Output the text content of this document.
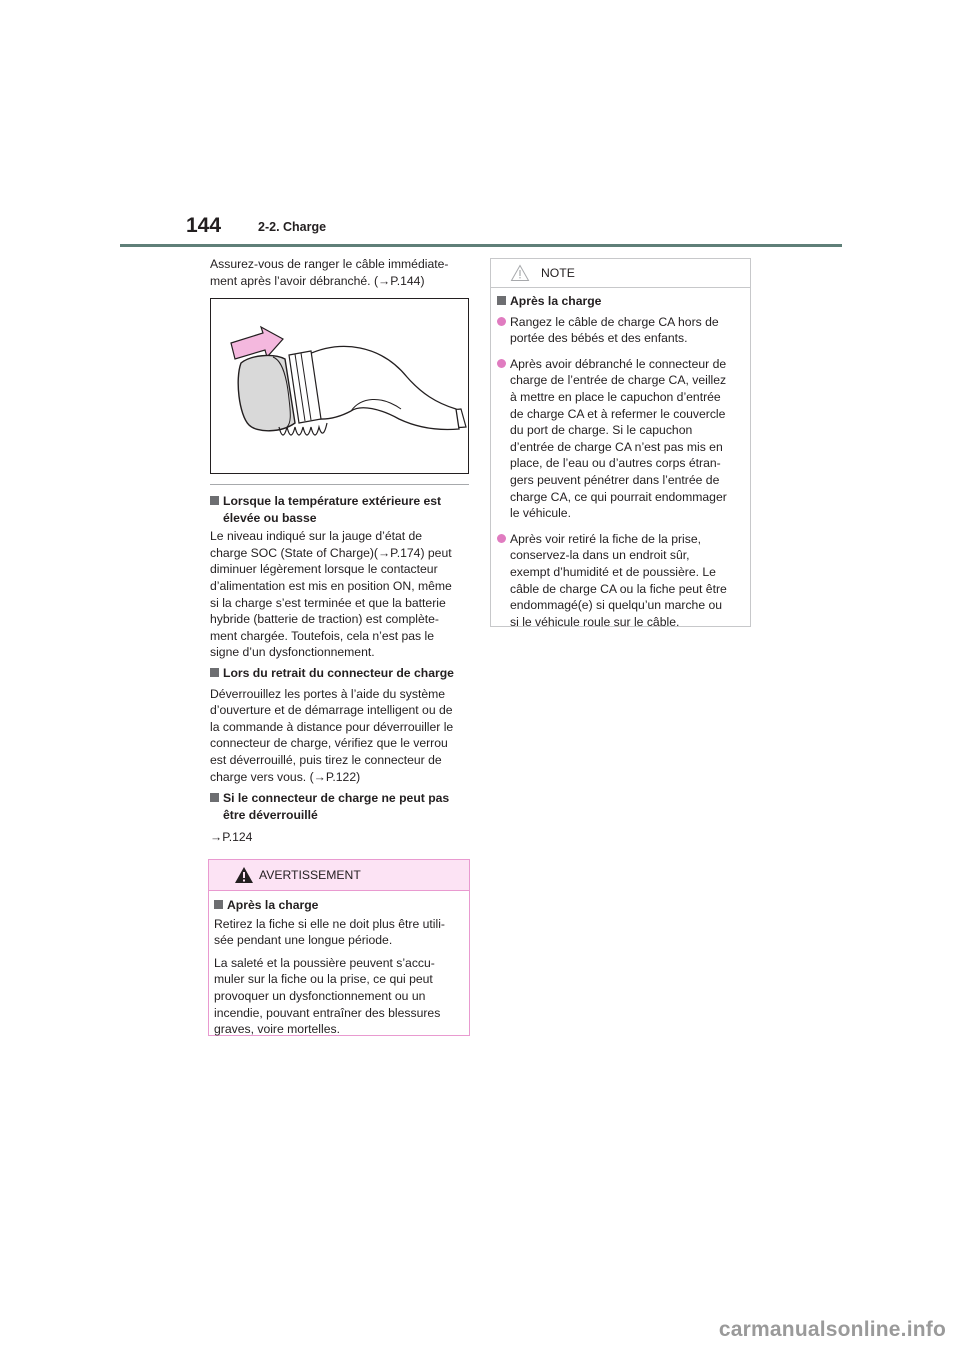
144	2-2. Charge
Assurez-vous de ranger le câble immédiate-
ment après l’avoir débranché. (→P.144)
Lorsque la température extérieure est
élevée ou basse
Le niveau indiqué sur la jauge d’état de
charge SOC (State of Charge)(→P.174) peut
diminuer légèrement lorsque le contacteur
d’alimentation est mis en position ON, même
si la charge s’est terminée et que la batterie
hybride (batterie de traction) est complète-
ment chargée. Toutefois, cela n’est pas le
signe d’un dysfonctionnement.
Lors du retrait du connecteur de charge
Déverrouillez les portes à l’aide du système
d’ouverture et de démarrage intelligent ou de
la commande à distance pour déverrouiller le
connecteur de charge, vérifiez que le verrou
est déverrouillé, puis tirez le connecteur de
charge vers vous. (→P.122)
Si le connecteur de charge ne peut pas
être déverrouillé
→P.124
AVERTISSEMENT
Après la charge

Retirez la fiche si elle ne doit plus être utili-
sée pendant une longue période.

La saleté et la poussière peuvent s’accu-
muler sur la fiche ou la prise, ce qui peut
provoquer un dysfonctionnement ou un
incendie, pouvant entraîner des blessures
graves, voire mortelles.

NOTE
Après la charge
Rangez le câble de charge CA hors de
portée des bébés et des enfants.
Après avoir débranché le connecteur de
charge de l’entrée de charge CA, veillez
à mettre en place le capuchon d’entrée
de charge CA et à refermer le couvercle
du port de charge. Si le capuchon
d’entrée de charge CA n’est pas mis en
place, de l’eau ou d’autres corps étran-
gers peuvent pénétrer dans l’entrée de
charge CA, ce qui pourrait endommager
le véhicule.
Après voir retiré la fiche de la prise,
conservez-la dans un endroit sûr,
exempt d’humidité et de poussière. Le
câble de charge CA ou la fiche peut être
endommagé(e) si quelqu’un marche ou
si le véhicule roule sur le câble.
carmanualsonline.info
